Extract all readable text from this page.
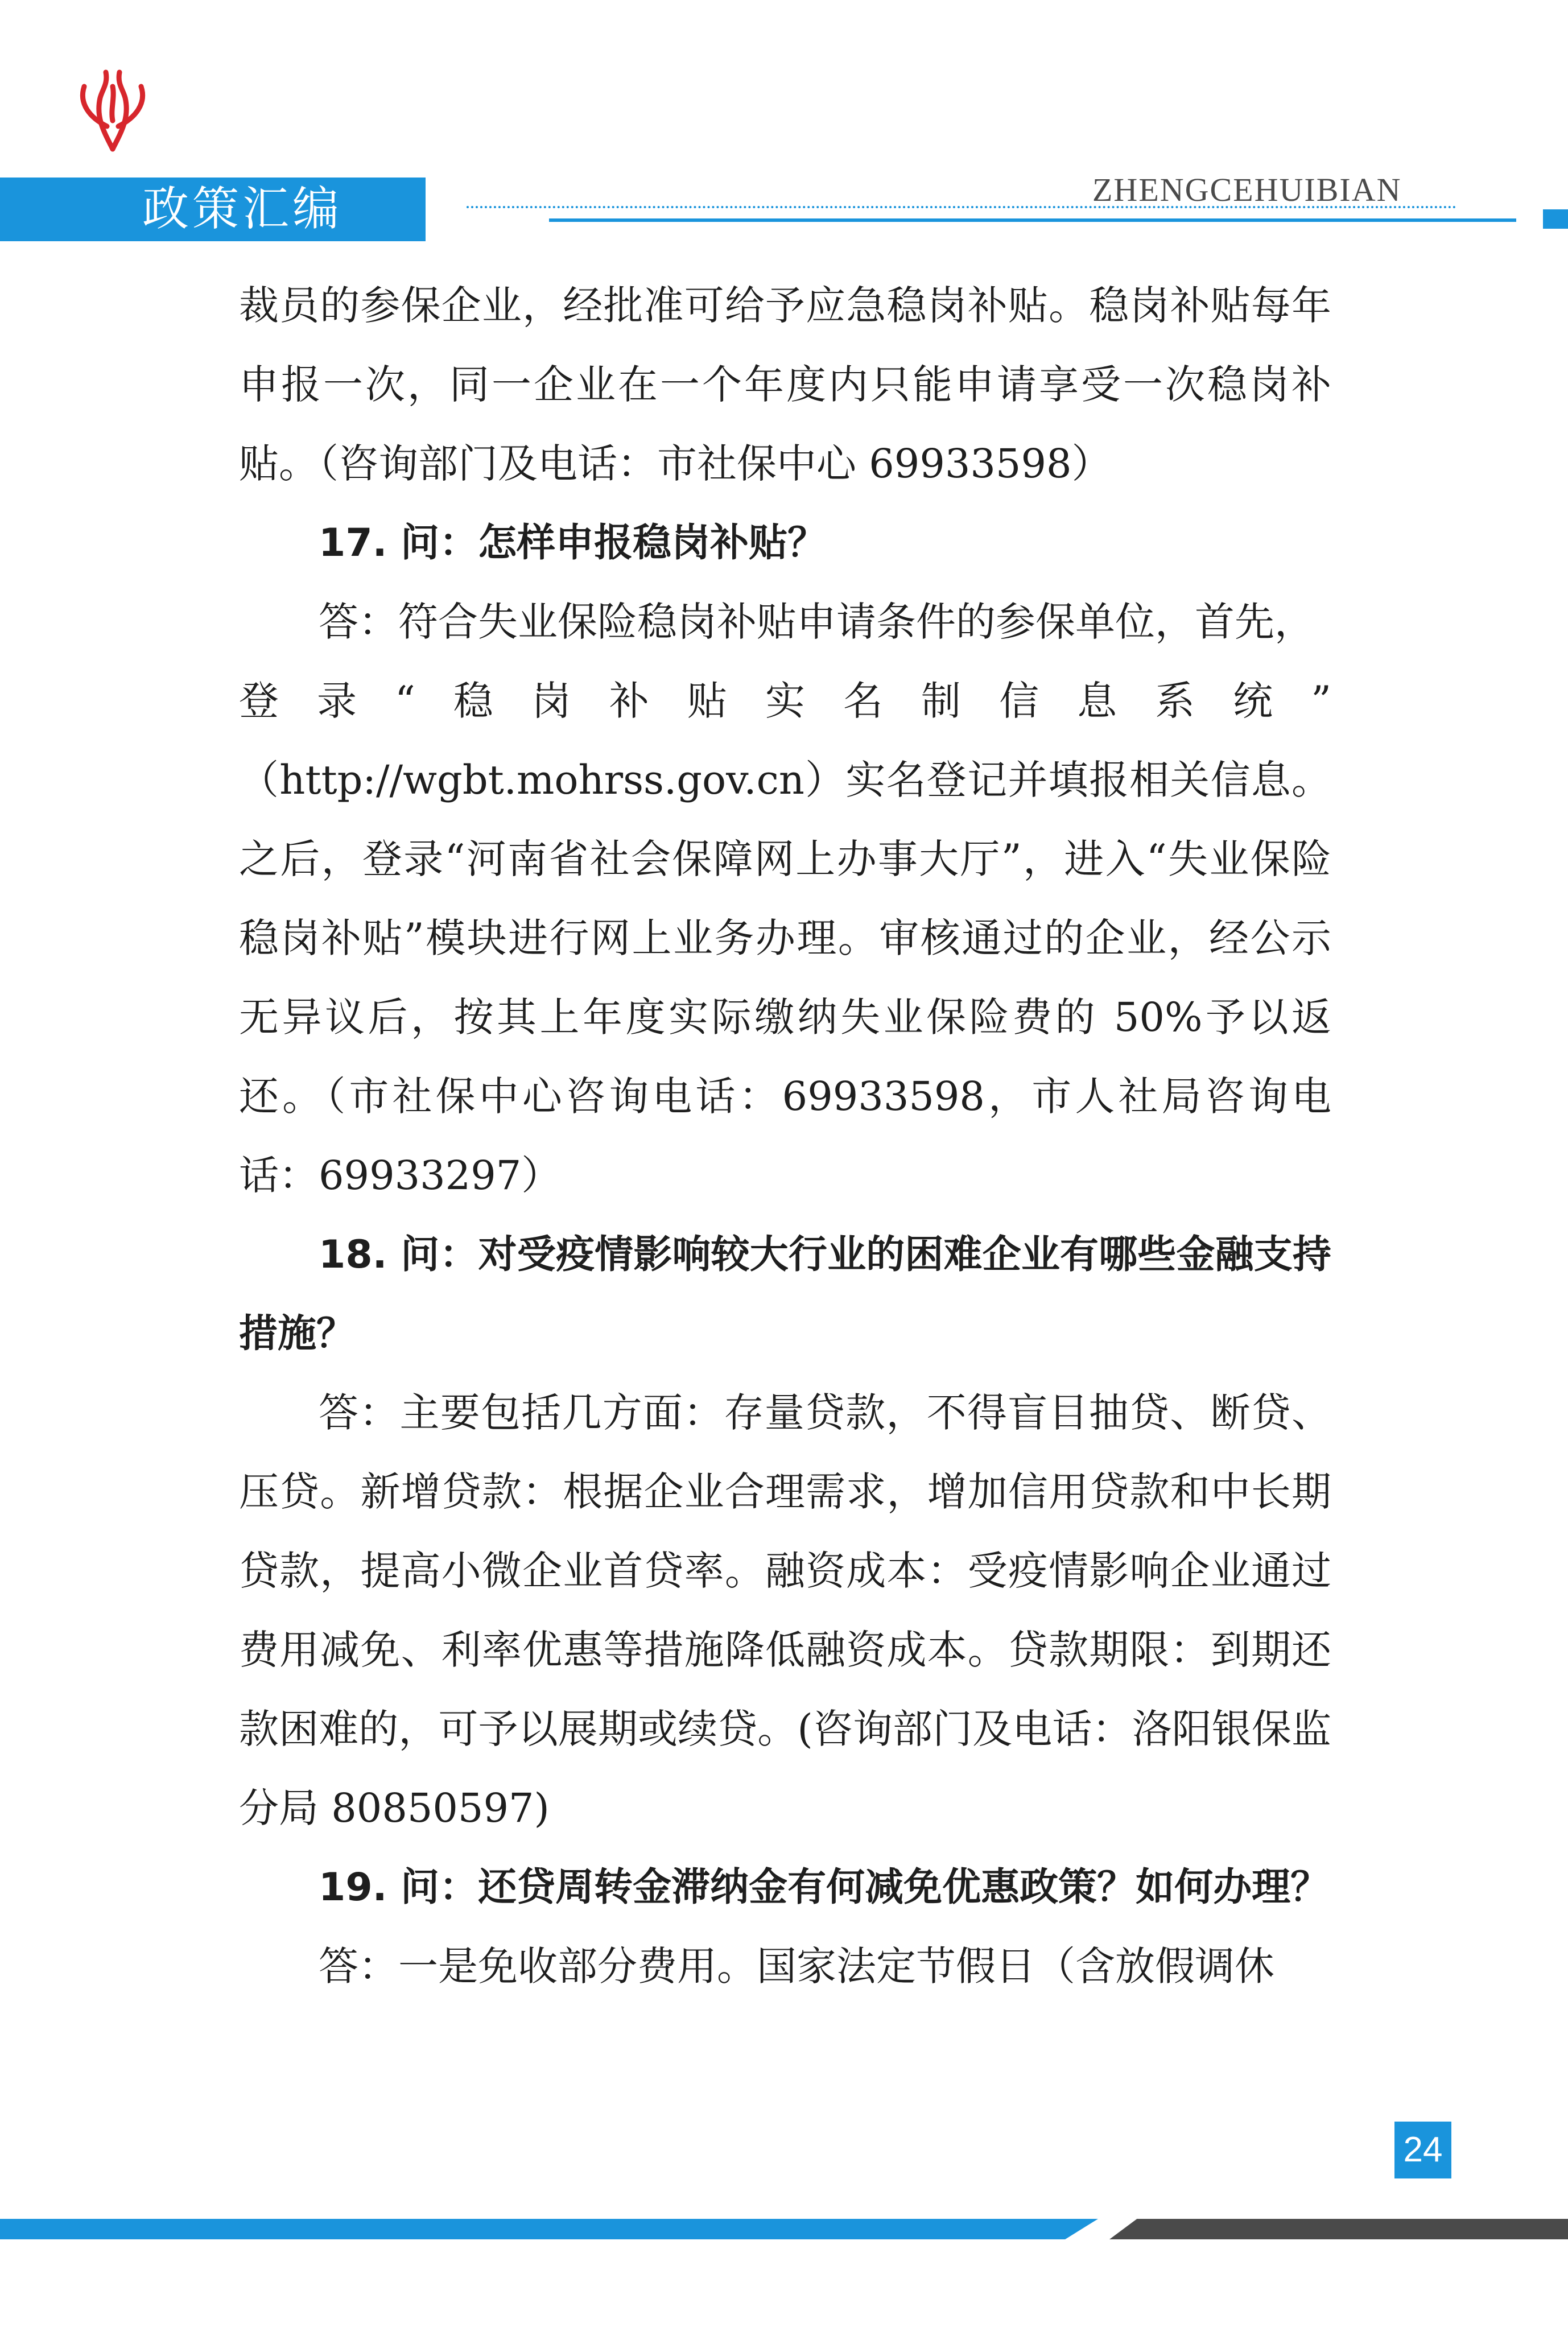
政策汇编	ZHENGCEHUIBIAN
裁员的参保企业，经批准可给予应急稳岗补贴。稳岗补贴每年申报一次，同一企业在一个年度内只能申请享受一次稳岗补贴。（咨询部门及电话：市社保中心 69933598）
17. 问：怎样申报稳岗补贴？
答：符合失业保险稳岗补贴申请条件的参保单位，首先，
登录“稳岗补贴实名制信息系统”
（http://wgbt.mohrss.gov.cn）实名登记并填报相关信息。之后，登录“河南省社会保障网上办事大厅”，进入“失业保险稳岗补贴”模块进行网上业务办理。审核通过的企业，经公示无异议后，按其上年度实际缴纳失业保险费的 50%予以返还。（市社保中心咨询电话：69933598，市人社局咨询电话：69933297）
18. 问：对受疫情影响较大行业的困难企业有哪些金融支持措施？
答：主要包括几方面：存量贷款，不得盲目抽贷、断贷、压贷。新增贷款：根据企业合理需求，增加信用贷款和中长期贷款，提高小微企业首贷率。融资成本：受疫情影响企业通过费用减免、利率优惠等措施降低融资成本。贷款期限：到期还款困难的，可予以展期或续贷。(咨询部门及电话：洛阳银保监分局 80850597)
19. 问：还贷周转金滞纳金有何减免优惠政策？如何办理？
答：一是免收部分费用。国家法定节假日（含放假调休
24
